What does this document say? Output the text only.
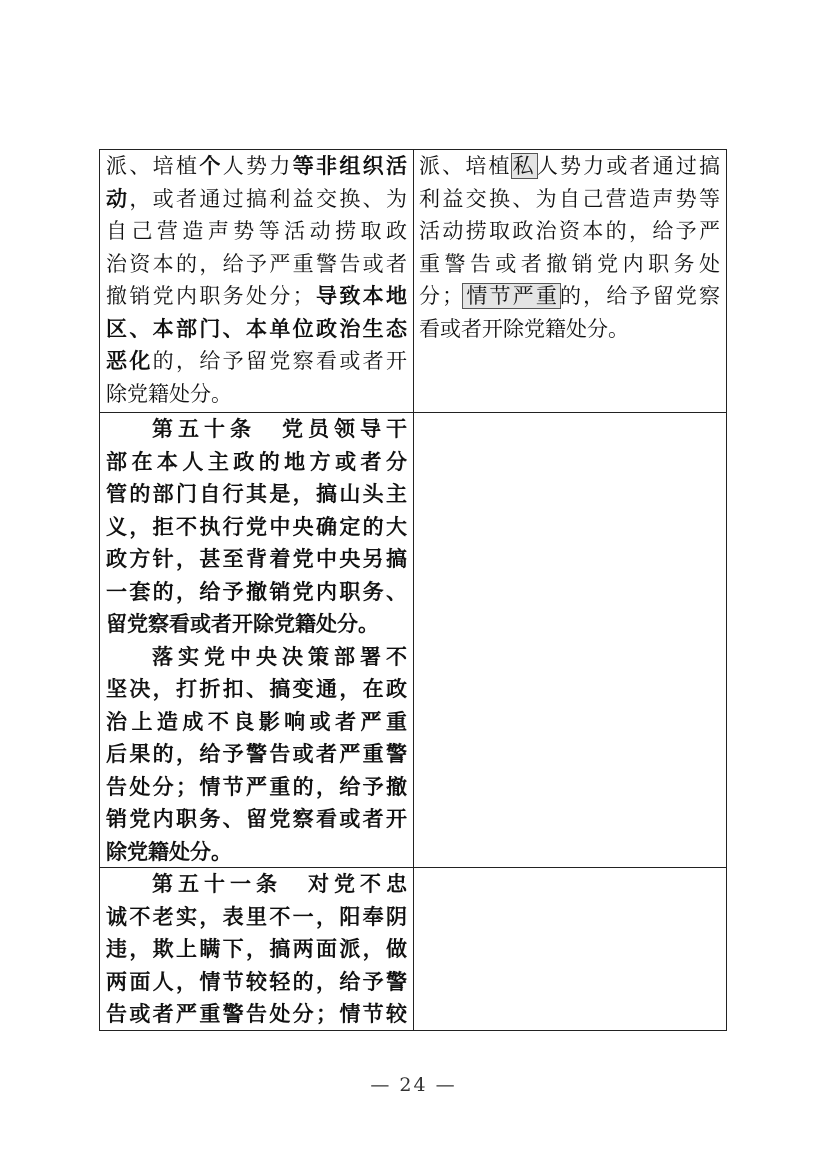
派、培植个人势力等非组织活

动，或者通过搞利益交换、为

自己营造声势等活动捞取政

治资本的，给予严重警告或者

撤销党内职务处分；导致本地

区、本部门、本单位政治生态

恶化的，给予留党察看或者开

除党籍处分。

派、培植私人势力或者通过搞

利益交换、为自己营造声势等

活动捞取政治资本的，给予严

重警告或者撤销党内职务处

分；情节严重的，给予留党察

看或者开除党籍处分。

第五十条　党员领导干

部在本人主政的地方或者分

管的部门自行其是，搞山头主

义，拒不执行党中央确定的大

政方针，甚至背着党中央另搞

一套的，给予撤销党内职务、

留党察看或者开除党籍处分。

落实党中央决策部署不

坚决，打折扣、搞变通，在政

治上造成不良影响或者严重

后果的，给予警告或者严重警

告处分；情节严重的，给予撤

销党内职务、留党察看或者开

除党籍处分。

第五十一条　对党不忠

诚不老实，表里不一，阳奉阴

违，欺上瞒下，搞两面派，做

两面人，情节较轻的，给予警

告或者严重警告处分；情节较

— 24 —
